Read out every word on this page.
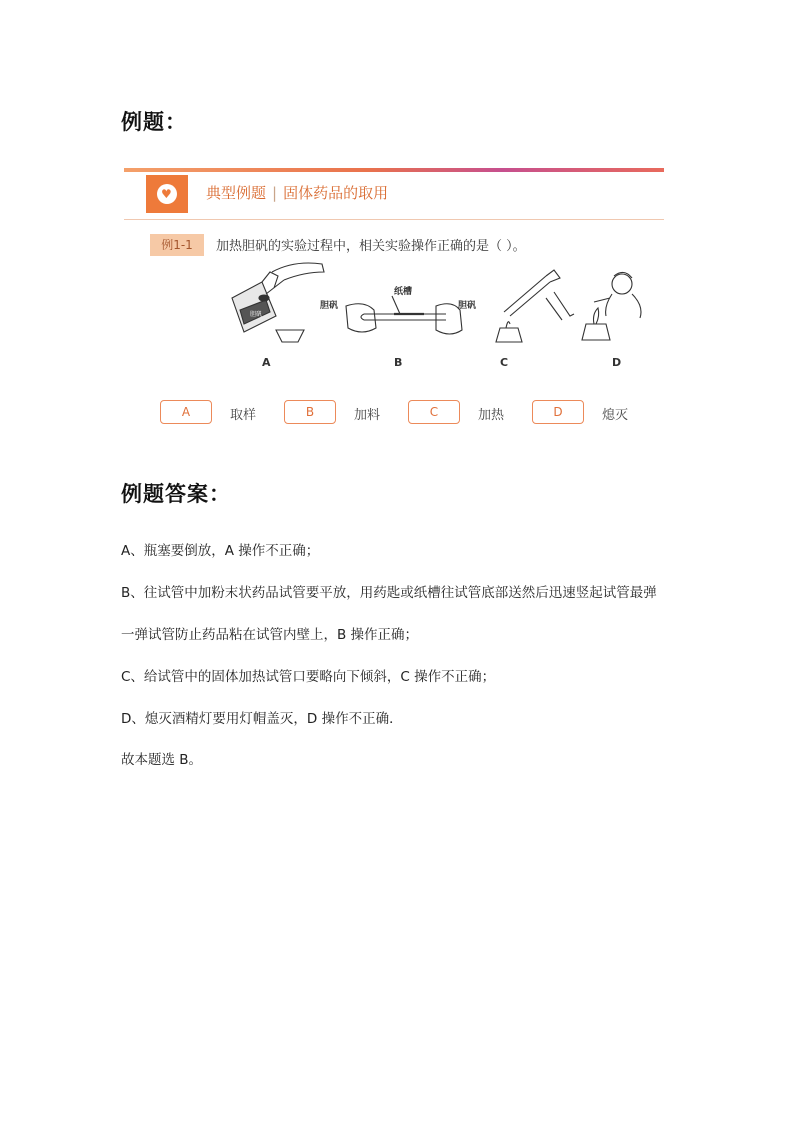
例题：
♥ 典型例题 | 固体药品的取用
例1-1	加热胆矾的实验过程中，相关实验操作正确的是（ ）。
胆矾
胆矾
纸槽
胆矾
A	B	C	D
A	取样	B	加料	C	加热	D	熄灭
例题答案：
A、瓶塞要倒放，A 操作不正确；
B、往试管中加粉末状药品试管要平放，用药匙或纸槽往试管底部送然后迅速竖起试管最弹
一弹试管防止药品粘在试管内壁上，B 操作正确；
C、给试管中的固体加热试管口要略向下倾斜，C 操作不正确；
D、熄灭酒精灯要用灯帽盖灭，D 操作不正确．
故本题选 B。
